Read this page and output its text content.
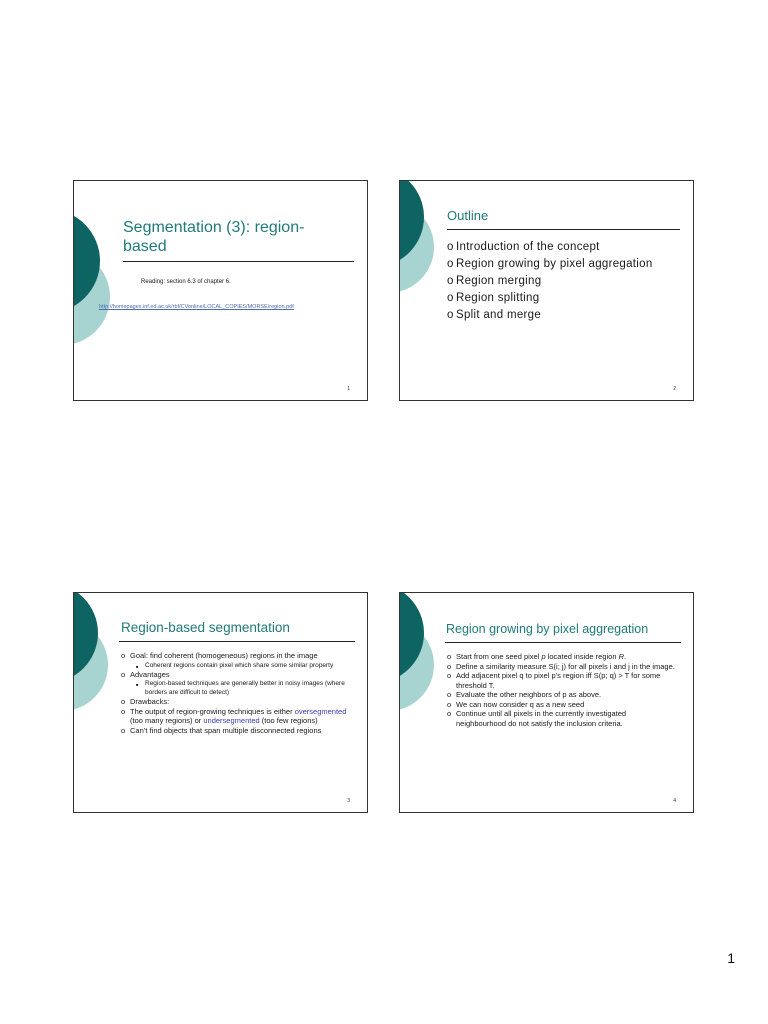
Segmentation (3): region-based
Reading: section 6.3 of chapter 6.
http://homepages.inf.ed.ac.uk/rbf/CVonline/LOCAL_COPIES/MORSE/region.pdf
1
Outline
o Introduction of the concept
o Region growing by pixel aggregation
o Region merging
o Region splitting
o Split and merge
2
Region-based segmentation
o Goal: find coherent (homogeneous) regions in the image
■ Coherent regions contain pixel which share some similar property
o Advantages
■ Region-based techniques are generally better in noisy images (where borders are difficult to detect)
o Drawbacks:
o The output of region-growing techniques is either oversegmented (too many regions) or undersegmented (too few regions)
o Can’t find objects that span multiple disconnected regions
3
Region growing by pixel aggregation
o Start from one seed pixel p located inside region R.
o Define a similarity measure S(i; j) for all pixels i and j in the image.
o Add adjacent pixel q to pixel p’s region iff S(p; q) > T for some threshold T.
o Evaluate the other neighbors of p as above.
o We can now consider q as a new seed
o Continue until all pixels in the currently investigated neighbourhood do not satisfy the inclusion criteria.
4
1
